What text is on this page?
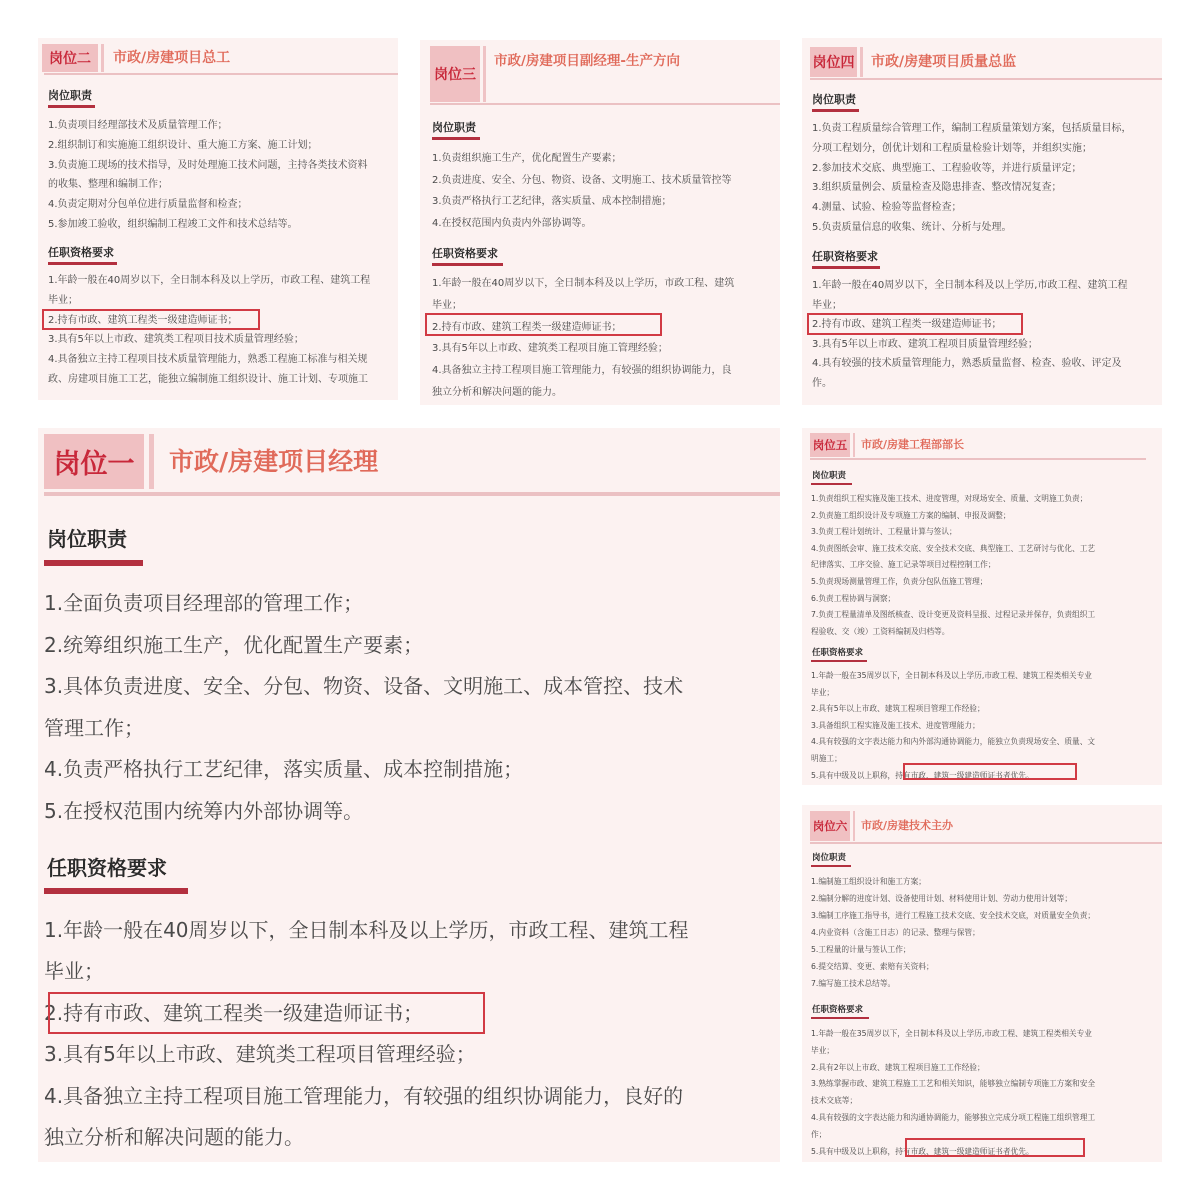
岗位二	市政/房建项目总工
岗位职责
1.负责项目经理部技术及质量管理工作；
2.组织制订和实施施工组织设计、重大施工方案、施工计划；
3.负责施工现场的技术指导，及时处理施工技术问题，主持各类技术资料
的收集、整理和编制工作；
4.负责定期对分包单位进行质量监督和检查；
5.参加竣工验收，组织编制工程竣工文件和技术总结等。
任职资格要求
1.年龄一般在40周岁以下，全日制本科及以上学历，市政工程、建筑工程
毕业；
2.持有市政、建筑工程类一级建造师证书；
3.具有5年以上市政、建筑类工程项目技术质量管理经验；
4.具备独立主持工程项目技术质量管理能力，熟悉工程施工标准与相关规
政、房建项目施工工艺，能独立编制施工组织设计、施工计划、专项施工
岗位三
市政/房建项目副经理-生产方向
岗位职责
1.负责组织施工生产，优化配置生产要素；
2.负责进度、安全、分包、物资、设备、文明施工、技术质量管控等
3.负责严格执行工艺纪律，落实质量、成本控制措施；
4.在授权范围内负责内外部协调等。
任职资格要求
1.年龄一般在40周岁以下，全日制本科及以上学历，市政工程、建筑
毕业；
2.持有市政、建筑工程类一级建造师证书；
3.具有5年以上市政、建筑类工程项目施工管理经验；
4.具备独立主持工程项目施工管理能力，有较强的组织协调能力，良
独立分析和解决问题的能力。
岗位四 市政/房建项目质量总监
岗位职责
1.负责工程质量综合管理工作，编制工程质量策划方案，包括质量目标，
分项工程划分，创优计划和工程质量检验计划等，并组织实施；
2.参加技术交底、典型施工、工程验收等，并进行质量评定；
3.组织质量例会、质量检查及隐患排查、整改情况复查；
4.测量、试验、检验等监督检查；
5.负责质量信息的收集、统计、分析与处理。
任职资格要求
1.年龄一般在40周岁以下，全日制本科及以上学历,市政工程、建筑工程
毕业；
2.持有市政、建筑工程类一级建造师证书；
3.具有5年以上市政、建筑工程项目质量管理经验；
4.具有较强的技术质量管理能力，熟悉质量监督、检查、验收、评定及
作。
岗位一	市政/房建项目经理
岗位职责
1.全面负责项目经理部的管理工作；
2.统筹组织施工生产，优化配置生产要素；
3.具体负责进度、安全、分包、物资、设备、文明施工、成本管控、技术
管理工作；
4.负责严格执行工艺纪律，落实质量、成本控制措施；
5.在授权范围内统筹内外部协调等。
任职资格要求
1.年龄一般在40周岁以下，全日制本科及以上学历，市政工程、建筑工程
毕业；
2.持有市政、建筑工程类一级建造师证书；
3.具有5年以上市政、建筑类工程项目管理经验；
4.具备独立主持工程项目施工管理能力，有较强的组织协调能力，良好的
独立分析和解决问题的能力。
岗位五 市政/房建工程部部长
岗位职责
1.负责组织工程实施及施工技术、进度管理，对现场安全、质量、文明施工负责；
2.负责施工组织设计及专项施工方案的编制、申报及调整；
3.负责工程计划统计、工程量计算与签认；
4.负责图纸会审、施工技术交底、安全技术交底、典型施工、工艺研讨与优化、工艺
纪律落实、工序交验、施工记录等项目过程控制工作；
5.负责现场测量管理工作，负责分包队伍施工管理；
6.负责工程协调与洞察；
7.负责工程量清单及图纸核查、设计变更及资料呈报、过程记录并保存，负责组织工
程验收、交（竣）工资料编制及归档等。
任职资格要求
1.年龄一般在35周岁以下，全日制本科及以上学历,市政工程、建筑工程类相关专业
毕业；
2.具有5年以上市政、建筑工程项目管理工作经验；
3.具备组织工程实施及施工技术、进度管理能力；
4.具有较强的文字表达能力和内外部沟通协调能力，能独立负责现场安全、质量、文
明施工；
5.具有中级及以上职称，持有市政、建筑一级建造师证书者优先。
岗位六 市政/房建技术主办
岗位职责
1.编制施工组织设计和施工方案；
2.编制分解的进度计划、设备使用计划、材料使用计划、劳动力使用计划等；
3.编制工序施工指导书，进行工程施工技术交底、安全技术交底，对质量安全负责；
4.内业资料（含施工日志）的记录、整理与保管；
5.工程量的计量与签认工作；
6.提交结算、变更、索赔有关资料；
7.编写施工技术总结等。
任职资格要求
1.年龄一般在35周岁以下，全日制本科及以上学历,市政工程、建筑工程类相关专业
毕业；
2.具有2年以上市政、建筑工程项目施工工作经验；
3.熟练掌握市政、建筑工程施工工艺和相关知识，能够独立编制专项施工方案和安全
技术交底等；
4.具有较强的文字表达能力和沟通协调能力，能够独立完成分项工程施工组织管理工
作；
5.具有中级及以上职称，持有市政、建筑一级建造师证书者优先。
